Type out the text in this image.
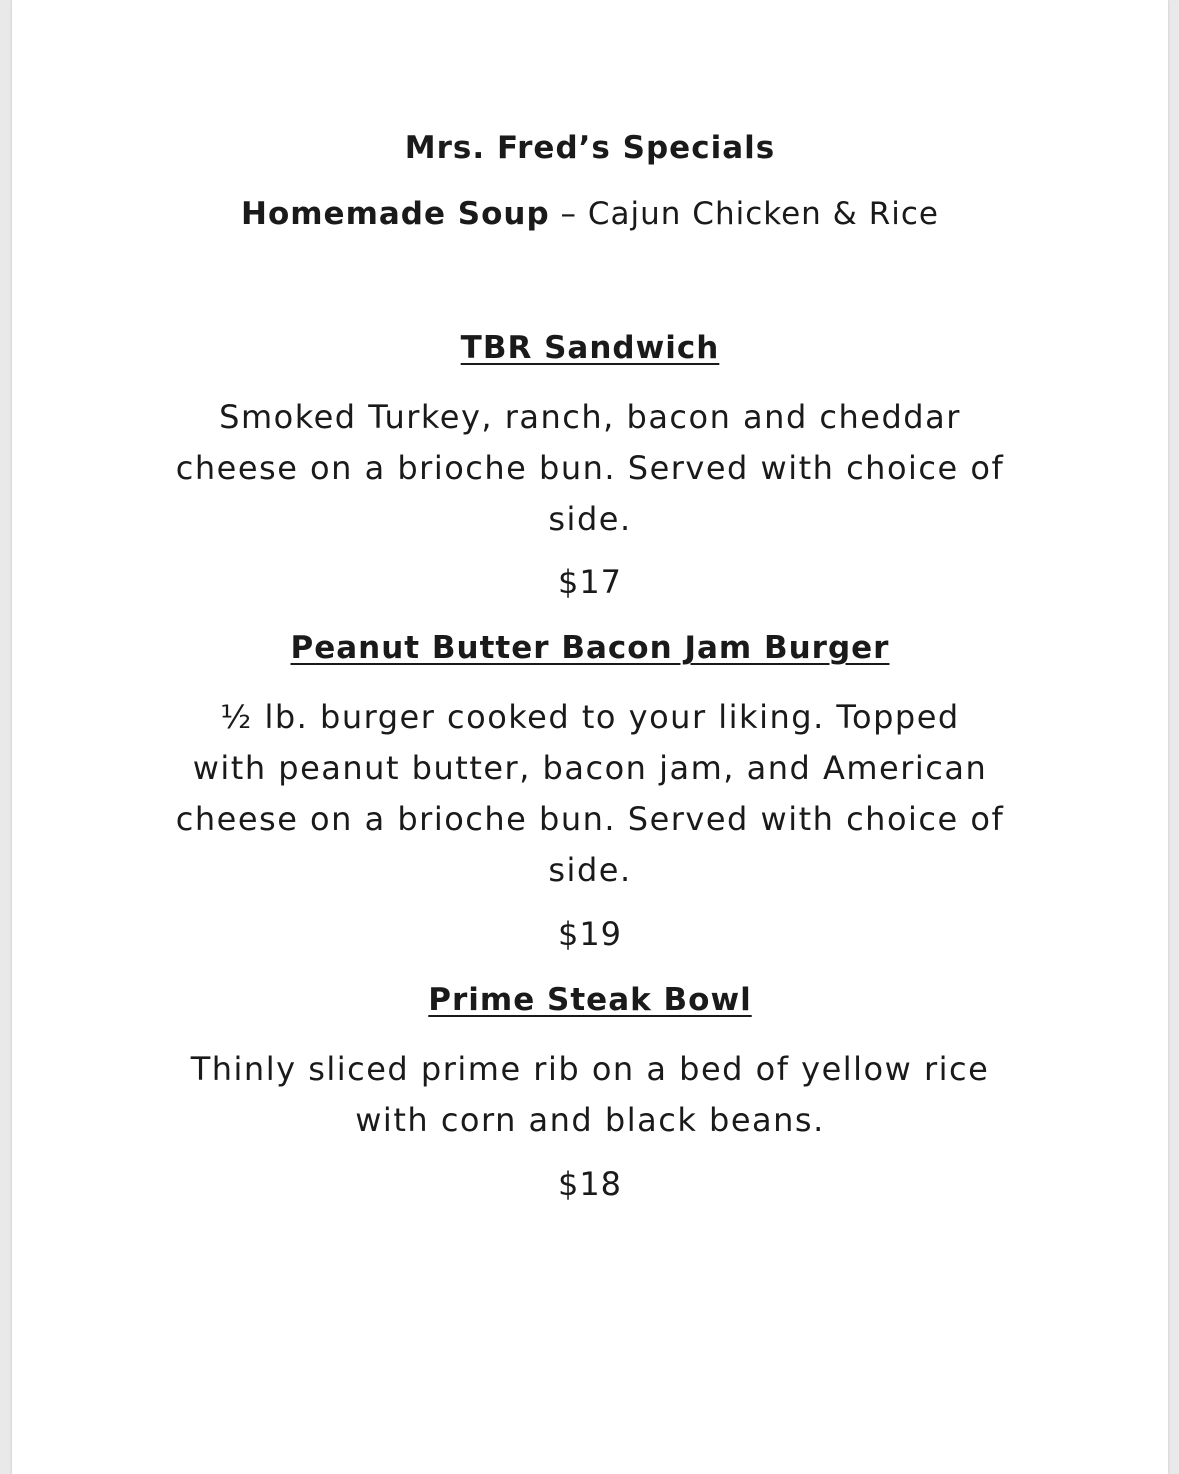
Mrs. Fred’s Specials
Homemade Soup – Cajun Chicken & Rice
TBR Sandwich
Smoked Turkey, ranch, bacon and cheddar
cheese on a brioche bun. Served with choice of
side.
$17
Peanut Butter Bacon Jam Burger
½ lb. burger cooked to your liking. Topped
with peanut butter, bacon jam, and American
cheese on a brioche bun. Served with choice of
side.
$19
Prime Steak Bowl
Thinly sliced prime rib on a bed of yellow rice
with corn and black beans.
$18
